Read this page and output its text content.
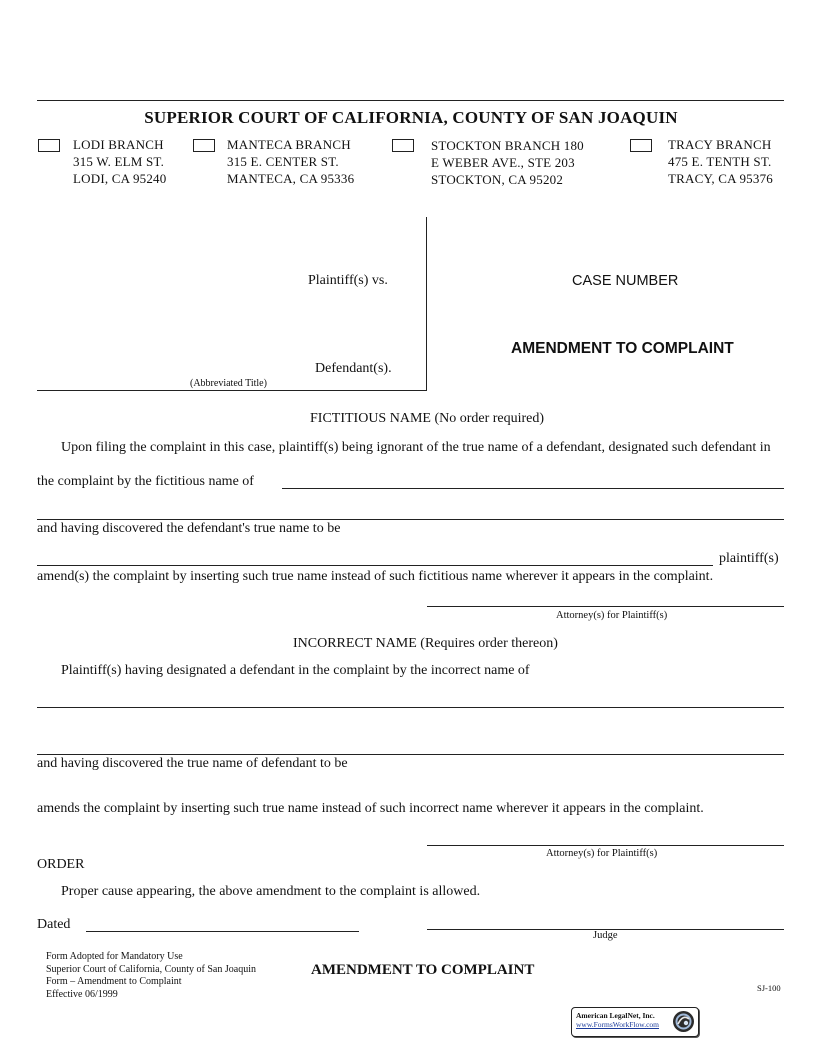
SUPERIOR COURT OF CALIFORNIA, COUNTY OF SAN JOAQUIN
LODI BRANCH
315 W. ELM ST.
LODI, CA 95240
MANTECA BRANCH
315 E. CENTER ST.
MANTECA, CA 95336
STOCKTON BRANCH 180
E WEBER AVE., STE 203
STOCKTON, CA 95202
TRACY BRANCH
475 E. TENTH ST.
TRACY, CA 95376
Plaintiff(s) vs.
Defendant(s).
(Abbreviated Title)
CASE NUMBER
AMENDMENT TO COMPLAINT
FICTITIOUS NAME (No order required)
Upon filing the complaint in this case, plaintiff(s) being ignorant of the true name of a defendant, designated such defendant in
the complaint by the fictitious name of
and having discovered the defendant's true name to be
plaintiff(s)
amend(s) the complaint by inserting such true name instead of such fictitious name wherever it appears in the complaint.
Attorney(s) for Plaintiff(s)
INCORRECT NAME (Requires order thereon)
Plaintiff(s) having designated a defendant in the complaint by the incorrect name of
and having discovered the true name of defendant to be
amends the complaint by inserting such true name instead of such incorrect name wherever it appears in the complaint.
Attorney(s) for Plaintiff(s)
ORDER
Proper cause appearing, the above amendment to the complaint is allowed.
Dated
Judge
Form Adopted for Mandatory Use
Superior Court of California, County of San Joaquin
Form – Amendment to Complaint
Effective 06/1999
AMENDMENT TO COMPLAINT
SJ-100
American LegalNet, Inc.
www.FormsWorkFlow.com
